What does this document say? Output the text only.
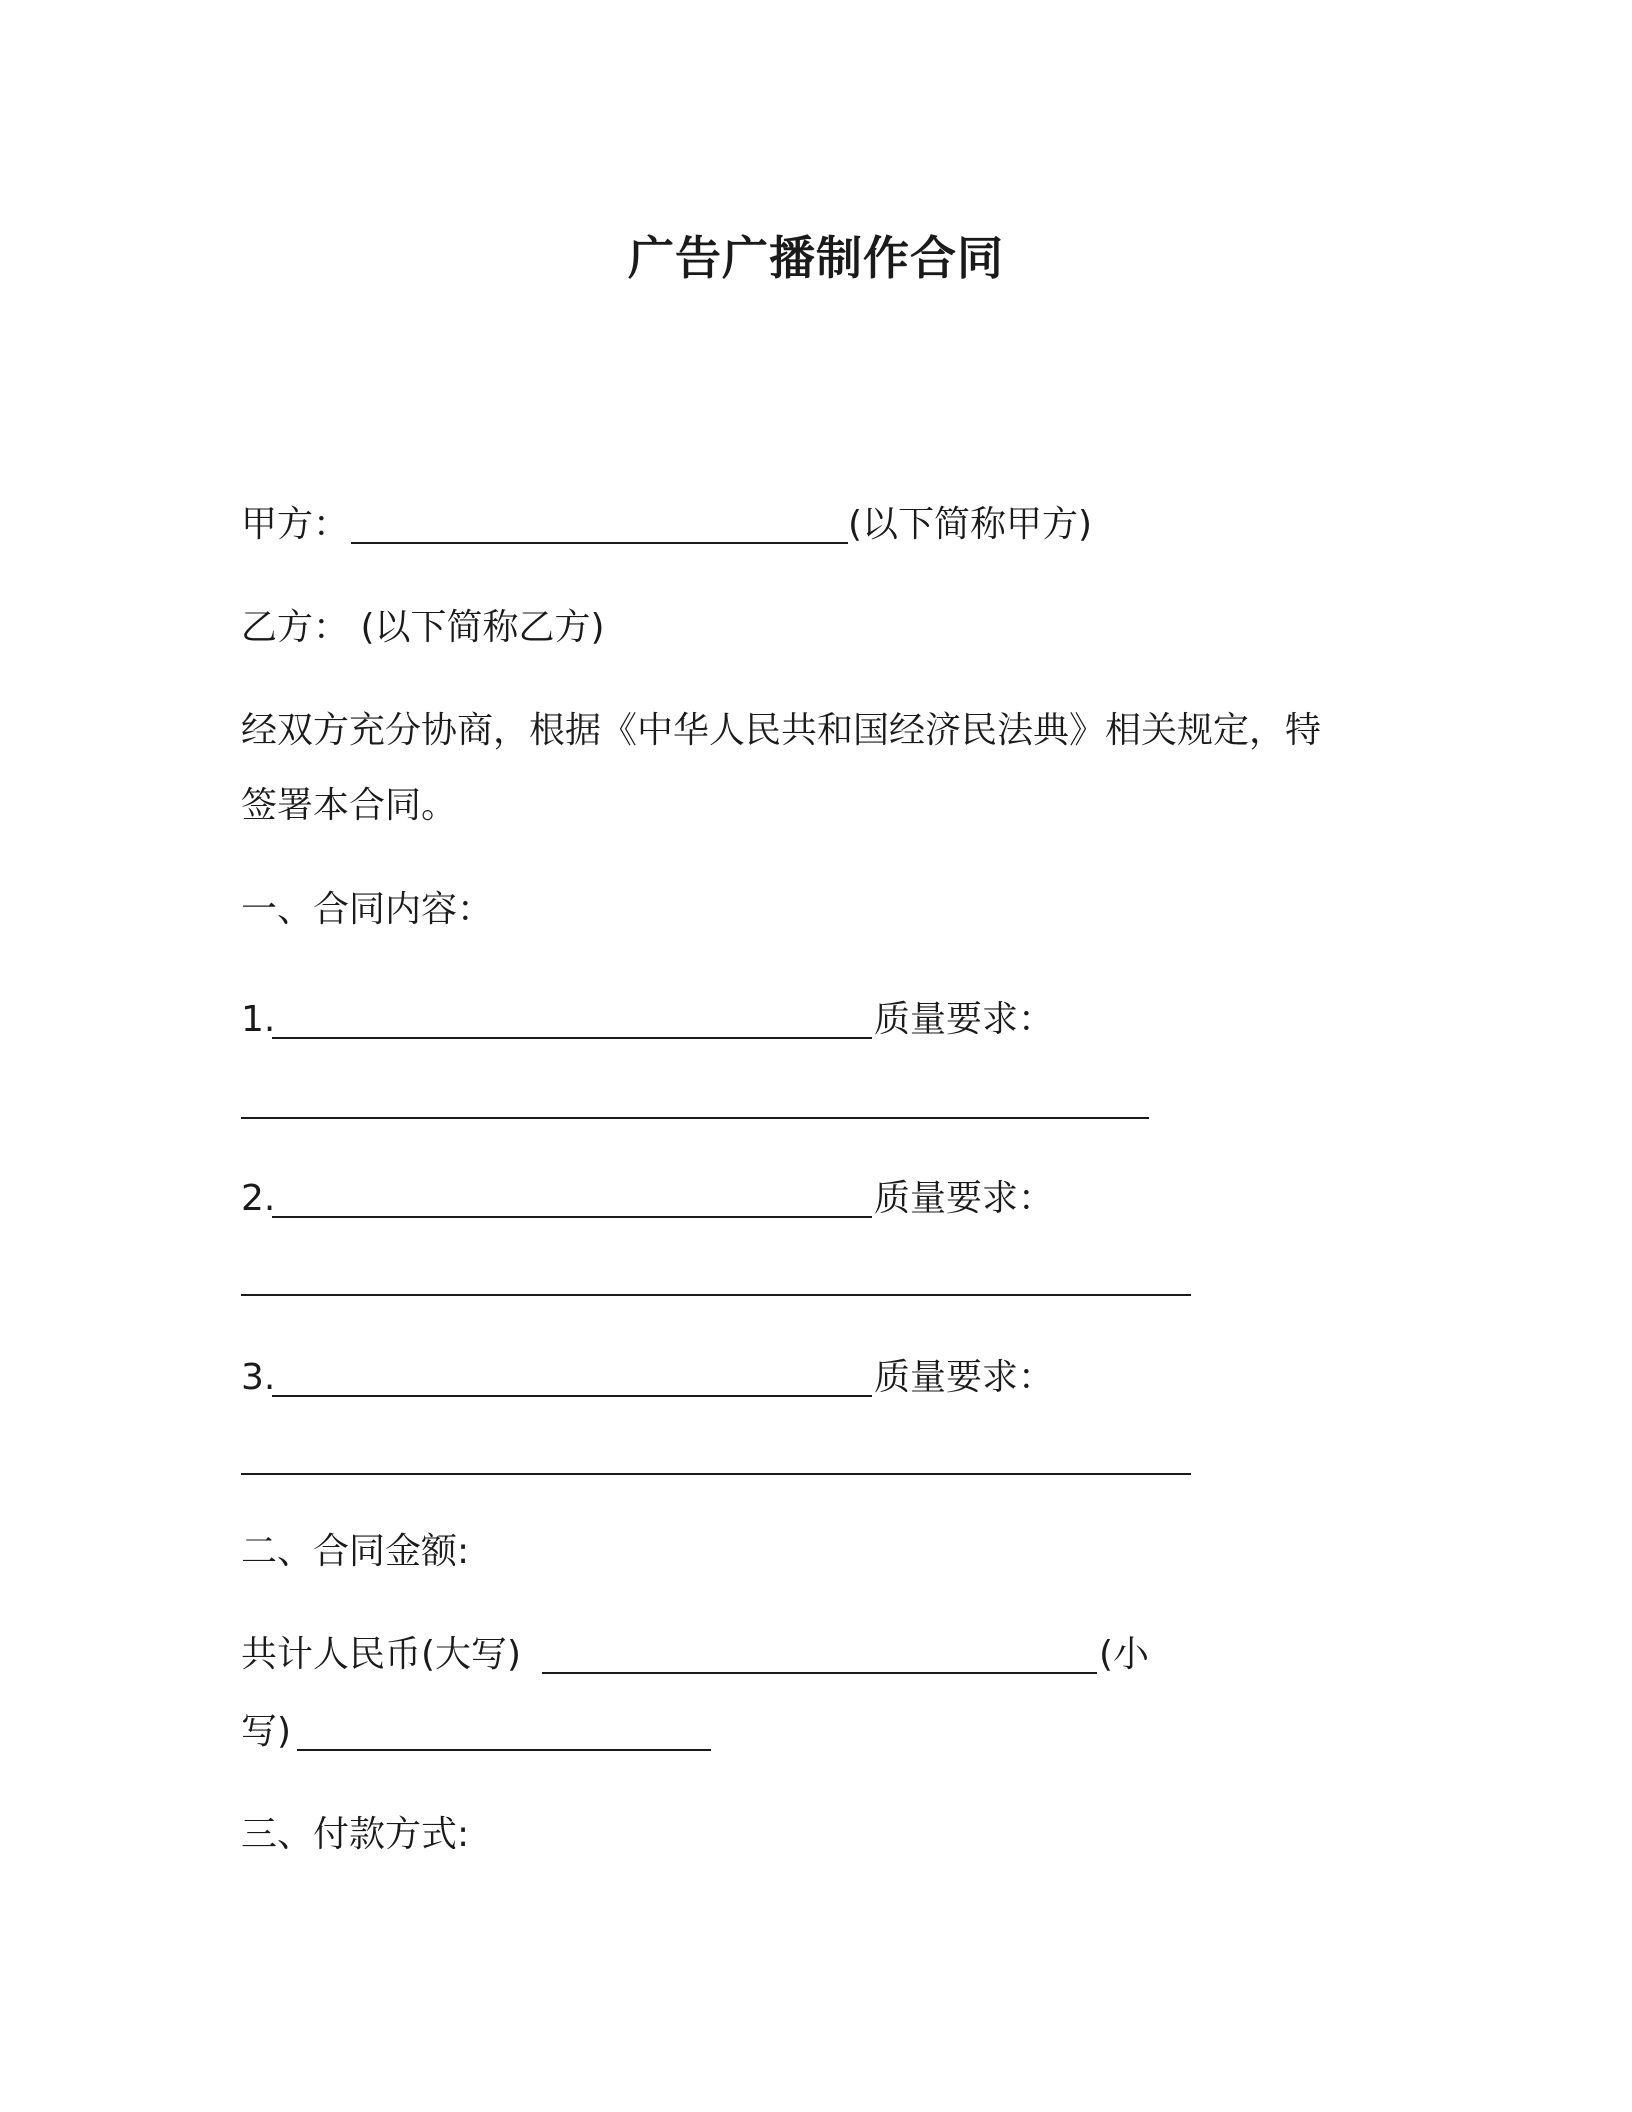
广告广播制作合同
甲方：	(以下简称甲方)
乙方： (以下简称乙方)
经双方充分协商，根据《中华人民共和国经济民法典》相关规定，特
签署本合同。
一、合同内容：
1.	质量要求：
2.	质量要求：
3.	质量要求：
二、合同金额:
共计人民币(大写)	(小
写)
三、付款方式:
